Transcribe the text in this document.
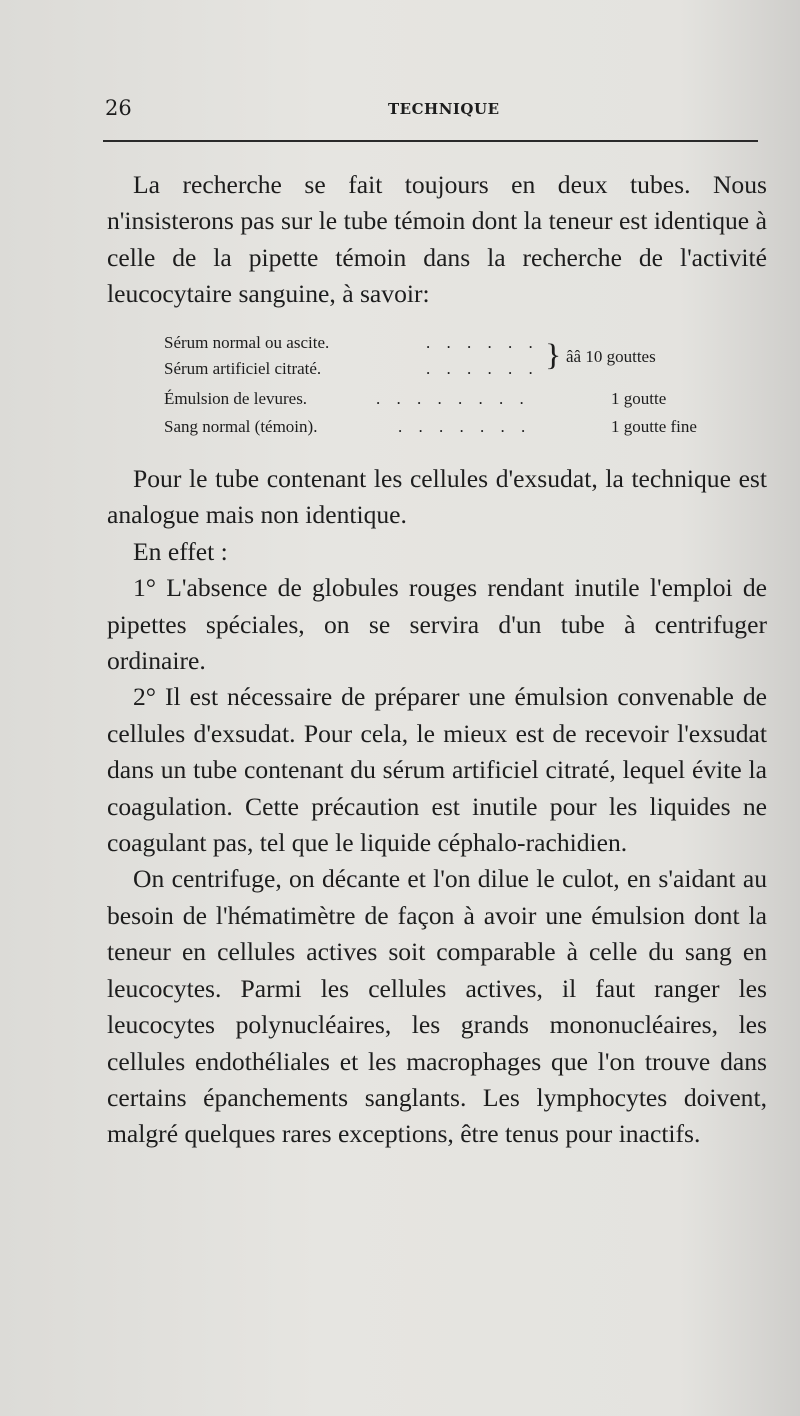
26	TECHNIQUE

La recherche se fait toujours en deux tubes. Nous n'insisterons pas sur le tube témoin dont la teneur est identique à celle de la pipette témoin dans la recherche de l'activité leucocytaire sanguine, à savoir:

Sérum normal ou ascite.	. . . . . .
Sérum artificiel citraté.	. . . . . . } ââ 10 gouttes
Émulsion de levures.	. . . . . . . .	1 goutte
Sang normal (témoin).	. . . . . . .	1 goutte fine

Pour le tube contenant les cellules d'exsudat, la technique est analogue mais non identique.

En effet :

1° L'absence de globules rouges rendant inutile l'emploi de pipettes spéciales, on se servira d'un tube à centrifuger ordinaire.

2° Il est nécessaire de préparer une émulsion convenable de cellules d'exsudat. Pour cela, le mieux est de recevoir l'exsudat dans un tube contenant du sérum artificiel citraté, lequel évite la coagulation. Cette précaution est inutile pour les liquides ne coagulant pas, tel que le liquide céphalo-rachidien.

On centrifuge, on décante et l'on dilue le culot, en s'aidant au besoin de l'hématimètre de façon à avoir une émulsion dont la teneur en cellules actives soit comparable à celle du sang en leucocytes. Parmi les cellules actives, il faut ranger les leucocytes polynucléaires, les grands mononucléaires, les cellules endothéliales et les macrophages que l'on trouve dans certains épanchements sanglants. Les lymphocytes doivent, malgré quelques rares exceptions, être tenus pour inactifs.
